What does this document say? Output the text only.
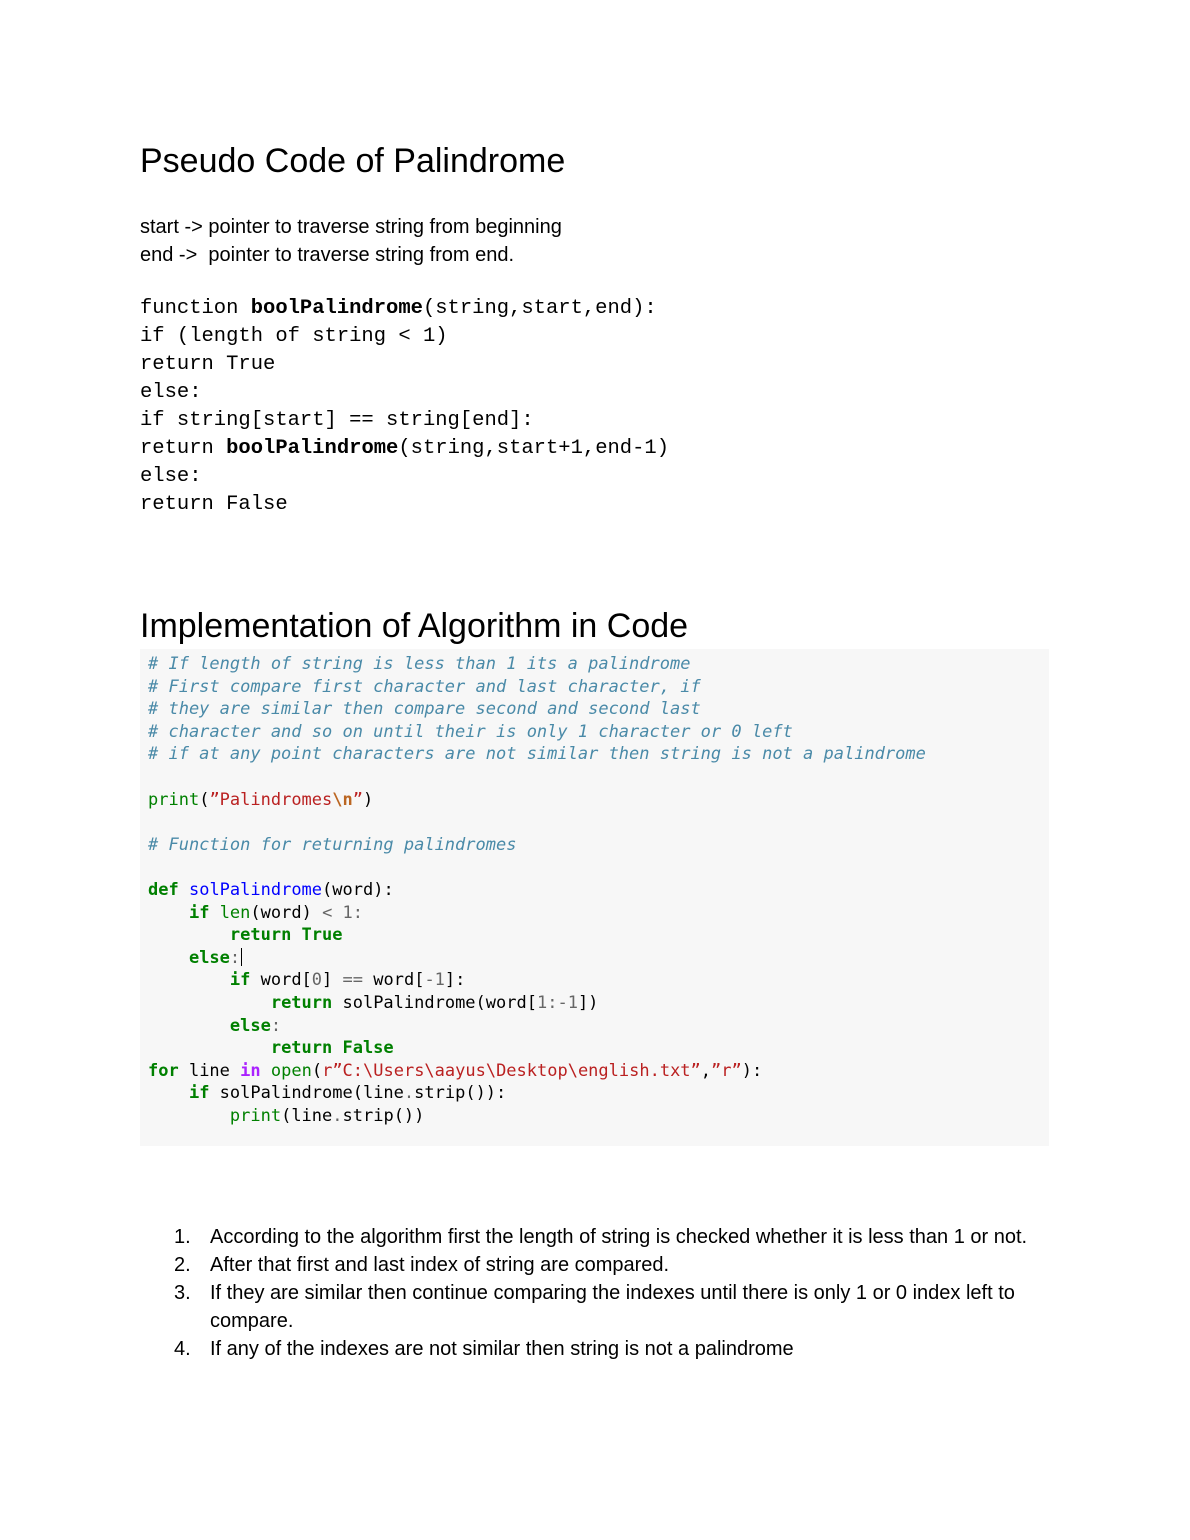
Pseudo Code of Palindrome
start -> pointer to traverse string from beginning
end ->  pointer to traverse string from end.
function boolPalindrome(string,start,end):
if (length of string < 1)
return True
else:
if string[start] == string[end]:
return boolPalindrome(string,start+1,end-1)
else:
return False
Implementation of Algorithm in Code
# If length of string is less than 1 its a palindrome
# First compare first character and last character, if
# they are similar then compare second and second last
# character and so on until their is only 1 character or 0 left
# if at any point characters are not similar then string is not a palindrome
print(”Palindromes\n”)
# Function for returning palindromes
def solPalindrome(word):
if len(word) < 1:
return True
else:
if word[0] == word[-1]:
return solPalindrome(word[1:-1])
else:
return False
for line in open(r”C:\Users\aayus\Desktop\english.txt”,”r”):
if solPalindrome(line.strip()):
print(line.strip())
1. According to the algorithm first the length of string is checked whether it is less than 1 or not.
2. After that first and last index of string are compared.
3. If they are similar then continue comparing the indexes until there is only 1 or 0 index left to compare.
4. If any of the indexes are not similar then string is not a palindrome
